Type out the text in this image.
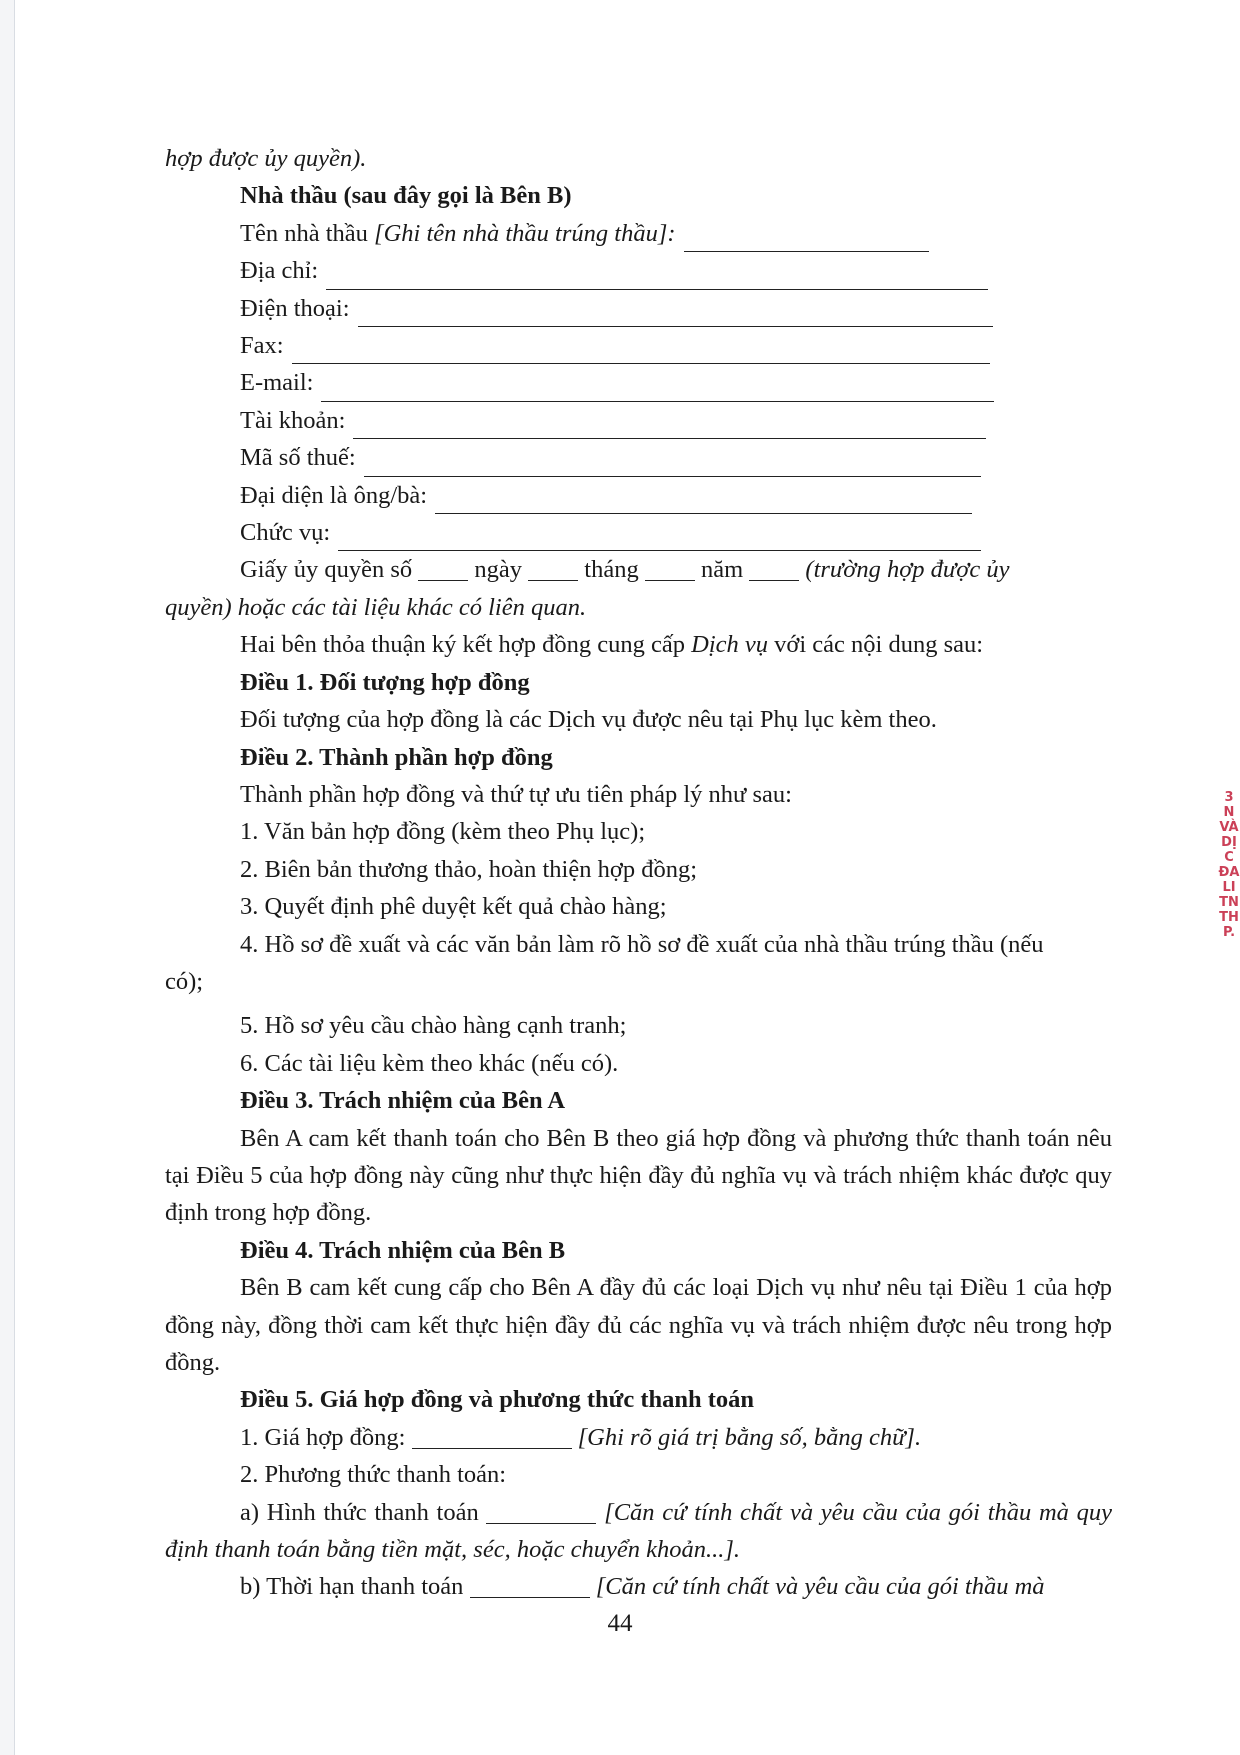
hợp được ủy quyền).

Nhà thầu (sau đây gọi là Bên B)

Tên nhà thầu [Ghi tên nhà thầu trúng thầu]:
Địa chỉ:
Điện thoại:
Fax:
E-mail:
Tài khoản:
Mã số thuế:
Đại diện là ông/bà:
Chức vụ:

Giấy ủy quyền số	ngày	tháng	năm	(trường hợp được ủy

quyền) hoặc các tài liệu khác có liên quan.

Hai bên thỏa thuận ký kết hợp đồng cung cấp Dịch vụ với các nội dung sau:

Điều 1. Đối tượng hợp đồng

Đối tượng của hợp đồng là các Dịch vụ được nêu tại Phụ lục kèm theo.

Điều 2. Thành phần hợp đồng

Thành phần hợp đồng và thứ tự ưu tiên pháp lý như sau:

1. Văn bản hợp đồng (kèm theo Phụ lục);

2. Biên bản thương thảo, hoàn thiện hợp đồng;

3. Quyết định phê duyệt kết quả chào hàng;

4. Hồ sơ đề xuất và các văn bản làm rõ hồ sơ đề xuất của nhà thầu trúng thầu (nếu

có);

5. Hồ sơ yêu cầu chào hàng cạnh tranh;

6. Các tài liệu kèm theo khác (nếu có).

Điều 3. Trách nhiệm của Bên A

Bên A cam kết thanh toán cho Bên B theo giá hợp đồng và phương thức thanh toán nêu tại Điều 5 của hợp đồng này cũng như thực hiện đầy đủ nghĩa vụ và trách nhiệm khác được quy định trong hợp đồng.

Điều 4. Trách nhiệm của Bên B

Bên B cam kết cung cấp cho Bên A đầy đủ các loại Dịch vụ như nêu tại Điều 1 của hợp đồng này, đồng thời cam kết thực hiện đầy đủ các nghĩa vụ và trách nhiệm được nêu trong hợp đồng.

Điều 5. Giá hợp đồng và phương thức thanh toán

1. Giá hợp đồng:	[Ghi rõ giá trị bằng số, bằng chữ].

2. Phương thức thanh toán:

a) Hình thức thanh toán	[Căn cứ tính chất và yêu cầu của gói thầu mà quy định thanh toán bằng tiền mặt, séc, hoặc chuyển khoản...].

b) Thời hạn thanh toán	[Căn cứ tính chất và yêu cầu của gói thầu mà

44
3
N
VÀ
DỊ
C
ĐA
LI
TN
TH
P.
